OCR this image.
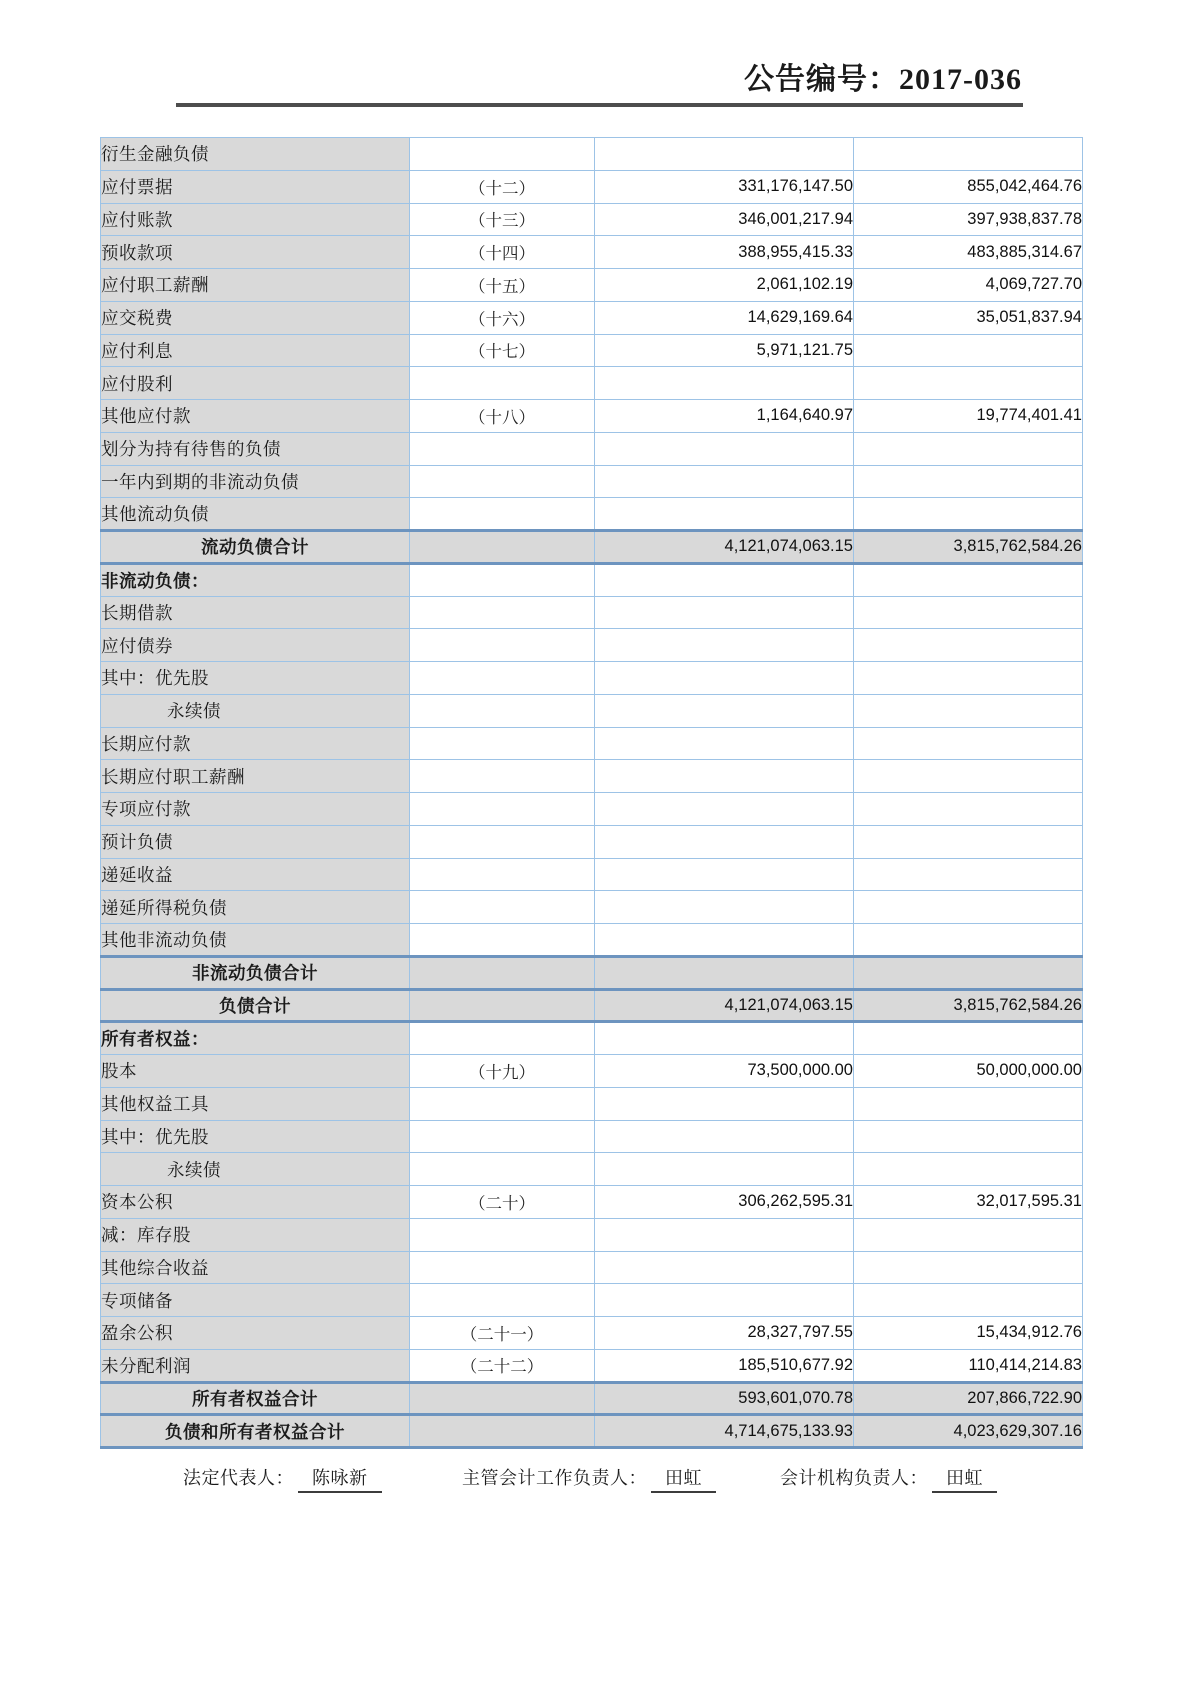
公告编号：2017-036
衍生金融负债			
应付票据	（十二）	331,176,147.50	855,042,464.76
应付账款	（十三）	346,001,217.94	397,938,837.78
预收款项	（十四）	388,955,415.33	483,885,314.67
应付职工薪酬	（十五）	2,061,102.19	4,069,727.70
应交税费	（十六）	14,629,169.64	35,051,837.94
应付利息	（十七）	5,971,121.75	
应付股利			
其他应付款	（十八）	1,164,640.97	19,774,401.41
划分为持有待售的负债			
一年内到期的非流动负债			
其他流动负债			
流动负债合计		4,121,074,063.15	3,815,762,584.26
非流动负债：			
长期借款			
应付债券			
其中：优先股			
永续债			
长期应付款			
长期应付职工薪酬			
专项应付款			
预计负债			
递延收益			
递延所得税负债			
其他非流动负债			
非流动负债合计			
负债合计		4,121,074,063.15	3,815,762,584.26
所有者权益：			
股本	（十九）	73,500,000.00	50,000,000.00
其他权益工具			
其中：优先股			
永续债			
资本公积	（二十）	306,262,595.31	32,017,595.31
减：库存股			
其他综合收益			
专项储备			
盈余公积	（二十一）	28,327,797.55	15,434,912.76
未分配利润	（二十二）	185,510,677.92	110,414,214.83
所有者权益合计		593,601,070.78	207,866,722.90
负债和所有者权益合计		4,714,675,133.93	4,023,629,307.16
法定代表人： 陈咏新	主管会计工作负责人： 田虹	会计机构负责人： 田虹
